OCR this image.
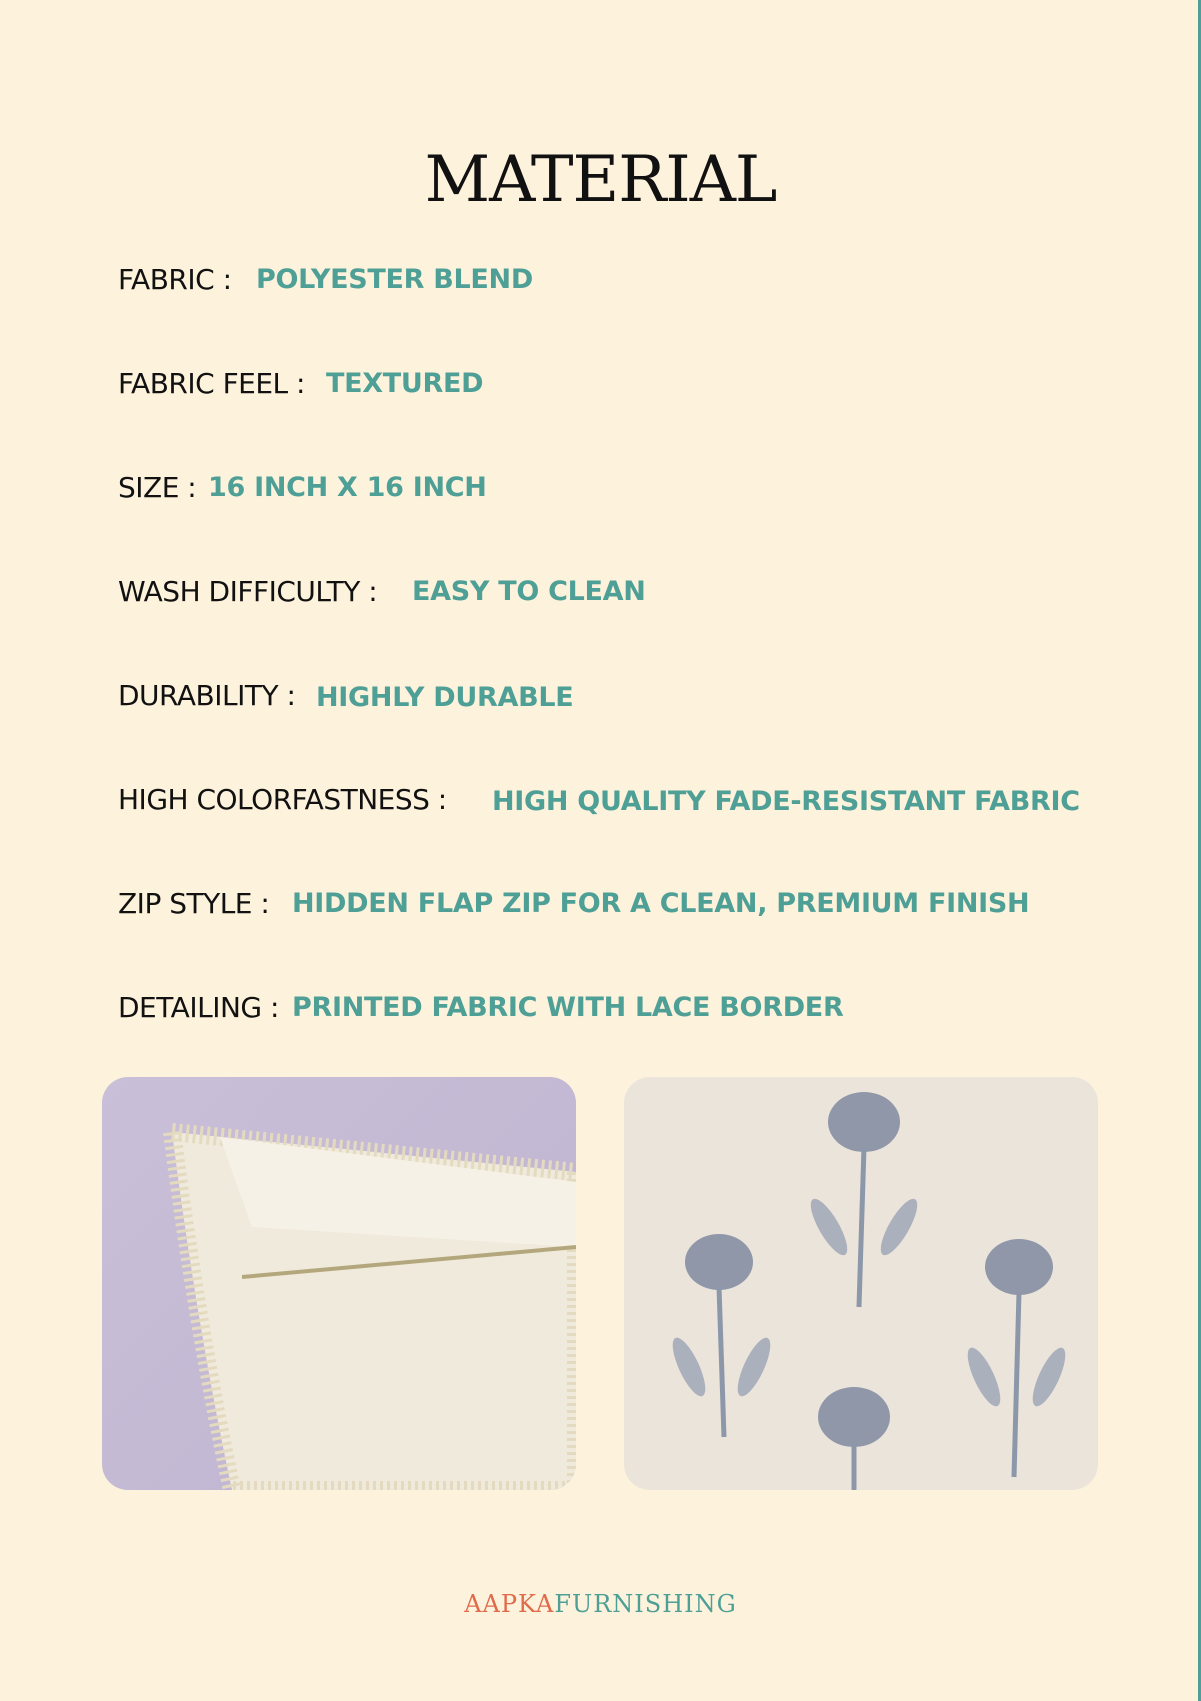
MATERIAL
FABRIC : POLYESTER BLEND
FABRIC FEEL : TEXTURED
SIZE : 16 INCH X 16 INCH
WASH DIFFICULTY : EASY TO CLEAN
DURABILITY : HIGHLY DURABLE
HIGH COLORFASTNESS : HIGH QUALITY FADE-RESISTANT FABRIC
ZIP STYLE : HIDDEN FLAP ZIP FOR A CLEAN, PREMIUM FINISH
DETAILING : PRINTED FABRIC WITH LACE BORDER
AAPKAFURNISHING
